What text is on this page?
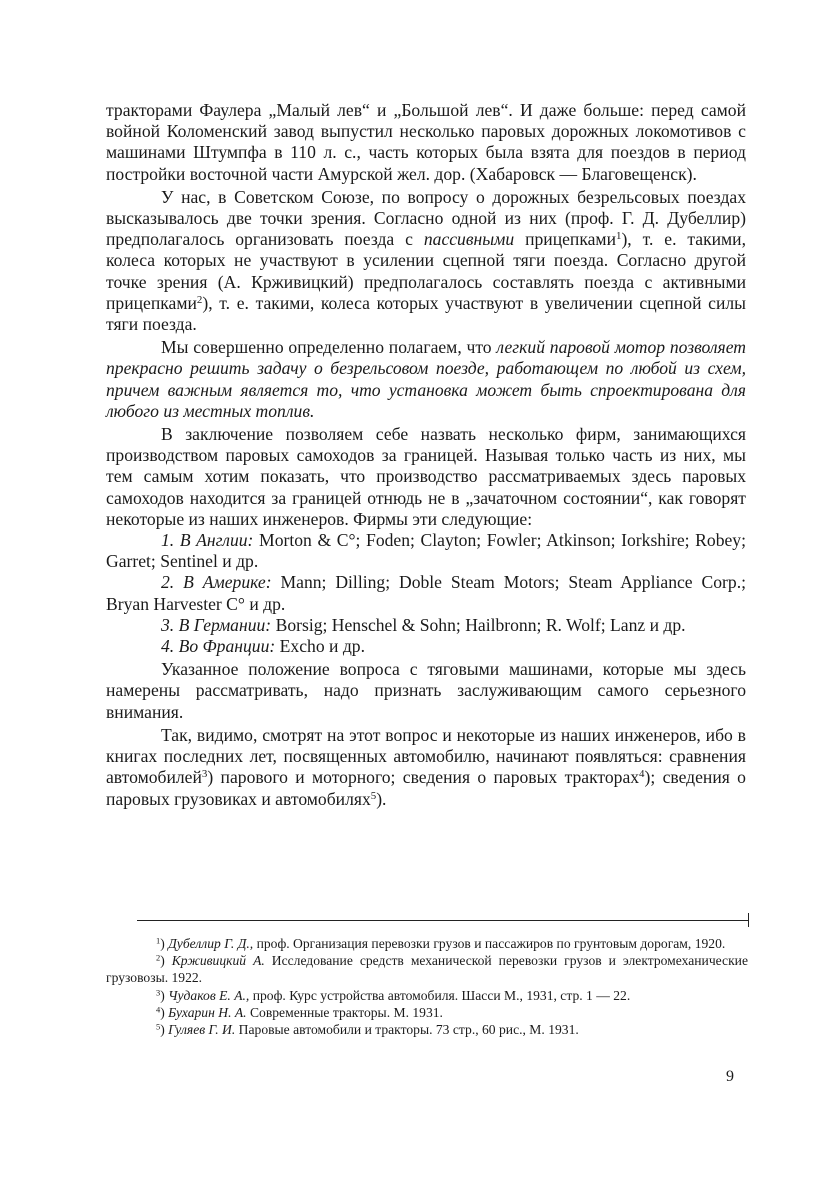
тракторами Фаулера „Малый лев“ и „Большой лев“. И даже больше: перед самой войной Коломенский завод выпустил несколько паровых дорожных локомотивов с машинами Штумпфа в 110 л. с., часть которых была взята для поездов в период постройки восточной части Амурской жел. дор. (Хабаровск — Благовещенск).

У нас, в Советском Союзе, по вопросу о дорожных безрельсовых поездах высказывалось две точки зрения. Согласно одной из них (проф. Г. Д. Дубеллир) предполагалось организовать поезда с пассивными прицепками$^1$), т. е. такими, колеса которых не участвуют в усилении сцепной тяги поезда. Согласно другой точке зрения (А. Крживицкий) предполагалось составлять поезда с активными прицепками$^2$), т. е. такими, колеса которых участвуют в увеличении сцепной силы тяги поезда.

Мы совершенно определенно полагаем, что легкий паровой мотор позволяет прекрасно решить задачу о безрельсовом поезде, работающем по любой из схем, причем важным является то, что установка может быть спроектирована для любого из местных топлив.

В заключение позволяем себе назвать несколько фирм, занимающихся производством паровых самоходов за границей. Называя только часть из них, мы тем самым хотим показать, что производство рассматриваемых здесь паровых самоходов находится за границей отнюдь не в „зачаточном состоянии“, как говорят некоторые из наших инженеров. Фирмы эти следующие:

1. В Англии: Morton & C°; Foden; Clayton; Fowler; Atkinson; Iorkshire; Robey; Garret; Sentinel и др.

2. В Америке: Mann; Dilling; Doble Steam Motors; Steam Appliance Corp.; Bryan Harvester C° и др.

3. В Германии: Borsig; Henschel & Sohn; Hailbronn; R. Wolf; Lanz и др.

4. Во Франции: Excho и др.

Указанное положение вопроса с тяговыми машинами, которые мы здесь намерены рассматривать, надо признать заслуживающим самого серьезного внимания.

Так, видимо, смотрят на этот вопрос и некоторые из наших инженеров, ибо в книгах последних лет, посвященных автомобилю, начинают появляться: сравнения автомобилей$^3$) парового и моторного; сведения о паровых тракторах$^4$); сведения о паровых грузовиках и автомобилях$^5$).

$^1$) Дубеллир Г. Д., проф. Организация перевозки грузов и пассажиров по грунтовым дорогам, 1920.

$^2$) Крживицкий А. Исследование средств механической перевозки грузов и электромеханические грузовозы. 1922.

$^3$) Чудаков Е. А., проф. Курс устройства автомобиля. Шасси М., 1931, стр. 1 — 22.

$^4$) Бухарин Н. А. Современные тракторы. М. 1931.

$^5$) Гуляев Г. И. Паровые автомобили и тракторы. 73 стр., 60 рис., М. 1931.

9
